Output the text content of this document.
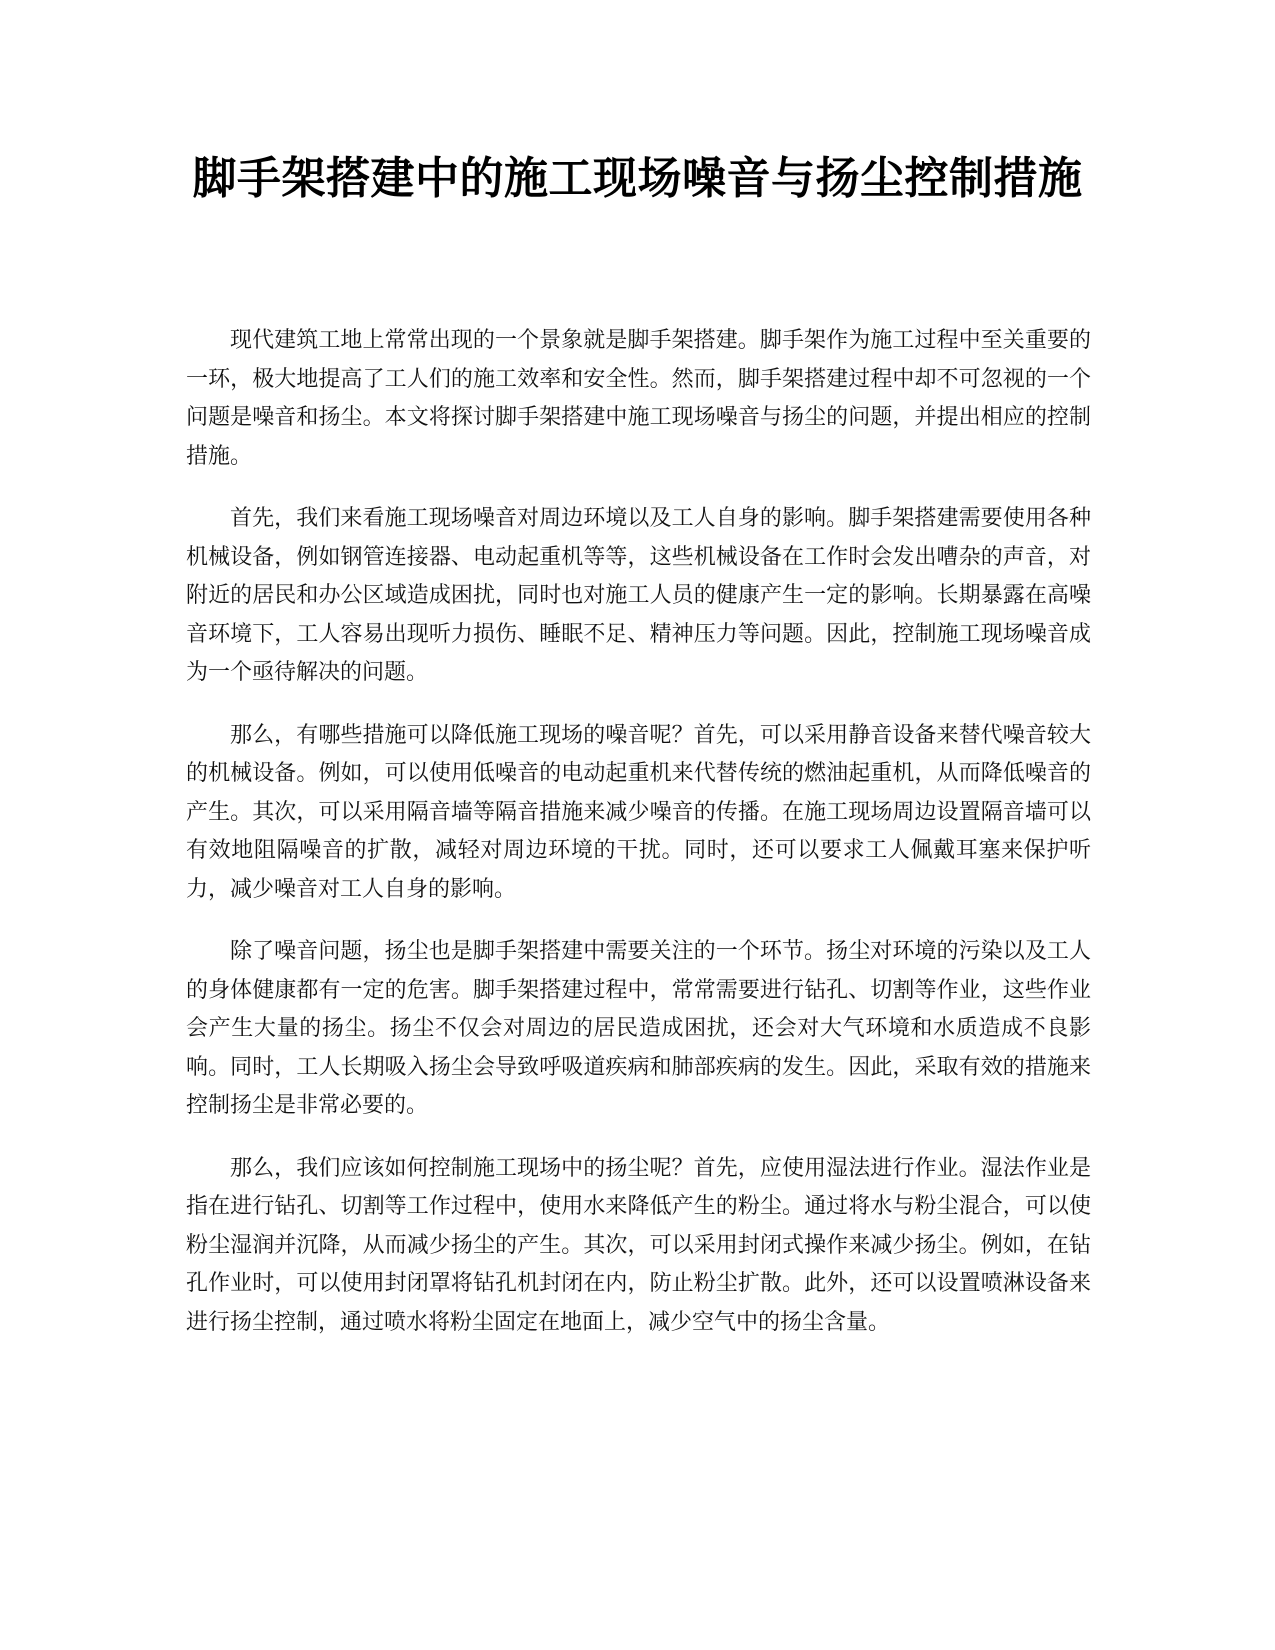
脚手架搭建中的施工现场噪音与扬尘控制措施

现代建筑工地上常常出现的一个景象就是脚手架搭建。脚手架作为施工过程中至关重要的一环，极大地提高了工人们的施工效率和安全性。然而，脚手架搭建过程中却不可忽视的一个问题是噪音和扬尘。本文将探讨脚手架搭建中施工现场噪音与扬尘的问题，并提出相应的控制措施。

首先，我们来看施工现场噪音对周边环境以及工人自身的影响。脚手架搭建需要使用各种机械设备，例如钢管连接器、电动起重机等等，这些机械设备在工作时会发出嘈杂的声音，对附近的居民和办公区域造成困扰，同时也对施工人员的健康产生一定的影响。长期暴露在高噪音环境下，工人容易出现听力损伤、睡眠不足、精神压力等问题。因此，控制施工现场噪音成为一个亟待解决的问题。

那么，有哪些措施可以降低施工现场的噪音呢？首先，可以采用静音设备来替代噪音较大的机械设备。例如，可以使用低噪音的电动起重机来代替传统的燃油起重机，从而降低噪音的产生。其次，可以采用隔音墙等隔音措施来减少噪音的传播。在施工现场周边设置隔音墙可以有效地阻隔噪音的扩散，减轻对周边环境的干扰。同时，还可以要求工人佩戴耳塞来保护听力，减少噪音对工人自身的影响。

除了噪音问题，扬尘也是脚手架搭建中需要关注的一个环节。扬尘对环境的污染以及工人的身体健康都有一定的危害。脚手架搭建过程中，常常需要进行钻孔、切割等作业，这些作业会产生大量的扬尘。扬尘不仅会对周边的居民造成困扰，还会对大气环境和水质造成不良影响。同时，工人长期吸入扬尘会导致呼吸道疾病和肺部疾病的发生。因此，采取有效的措施来控制扬尘是非常必要的。

那么，我们应该如何控制施工现场中的扬尘呢？首先，应使用湿法进行作业。湿法作业是指在进行钻孔、切割等工作过程中，使用水来降低产生的粉尘。通过将水与粉尘混合，可以使粉尘湿润并沉降，从而减少扬尘的产生。其次，可以采用封闭式操作来减少扬尘。例如，在钻孔作业时，可以使用封闭罩将钻孔机封闭在内，防止粉尘扩散。此外，还可以设置喷淋设备来进行扬尘控制，通过喷水将粉尘固定在地面上，减少空气中的扬尘含量。
